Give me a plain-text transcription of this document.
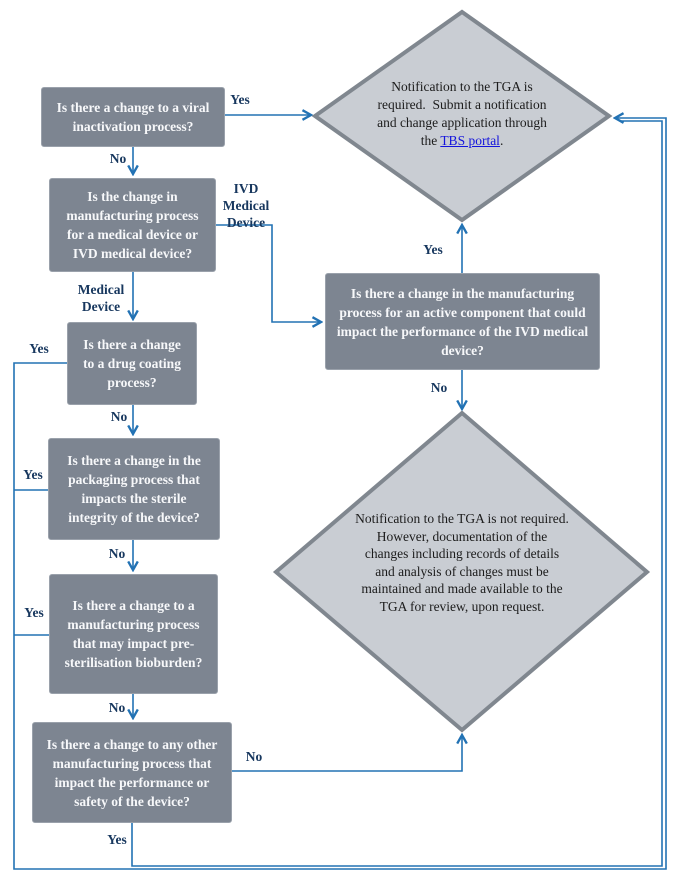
Is there a change to a viral inactivation process?
Is the change in manufacturing process for a medical device or IVD medical device?
Is there a change to a drug coating process?
Is there a change in the packaging process that impacts the sterile integrity of the device?
Is there a change to a manufacturing process that may impact pre-sterilisation bioburden?
Is there a change to any other manufacturing process that impact the performance or safety of the device?
Is there a change in the manufacturing process for an active component that could impact the performance of the IVD medical device?
Notification to the TGA is required.  Submit a notification and change application through the TBS portal.
Notification to the TGA is not required. However, documentation of the changes including records of details and analysis of changes must be maintained and made available to the TGA for review, upon request.
Yes
No
IVD Medical Device
Medical Device
Yes
No
Yes
No
Yes
No
No
Yes
Yes
No
